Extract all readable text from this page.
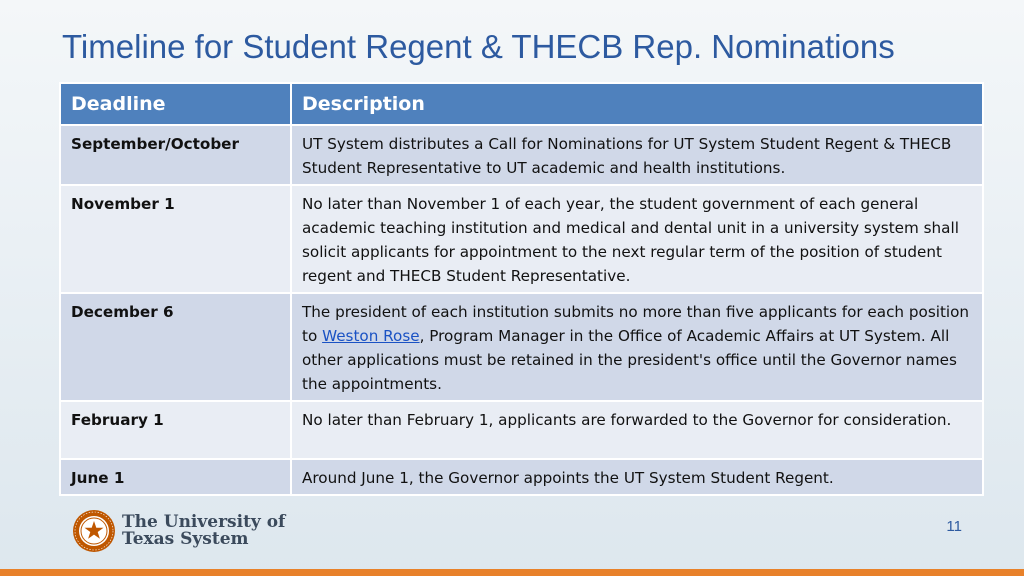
Timeline for Student Regent & THECB Rep. Nominations
Deadline	Description
September/October	UT System distributes a Call for Nominations for UT System Student Regent & THECB Student Representative to UT academic and health institutions.
November 1	No later than November 1 of each year, the student government of each general academic teaching institution and medical and dental unit in a university system shall solicit applicants for appointment to the next regular term of the position of student regent and THECB Student Representative.
December 6	The president of each institution submits no more than five applicants for each position to Weston Rose, Program Manager in the Office of Academic Affairs at UT System. All other applications must be retained in the president's office until the Governor names the appointments.
February 1	No later than February 1, applicants are forwarded to the Governor for consideration.
June 1	Around June 1, the Governor appoints the UT System Student Regent.
The University of
Texas System
11
